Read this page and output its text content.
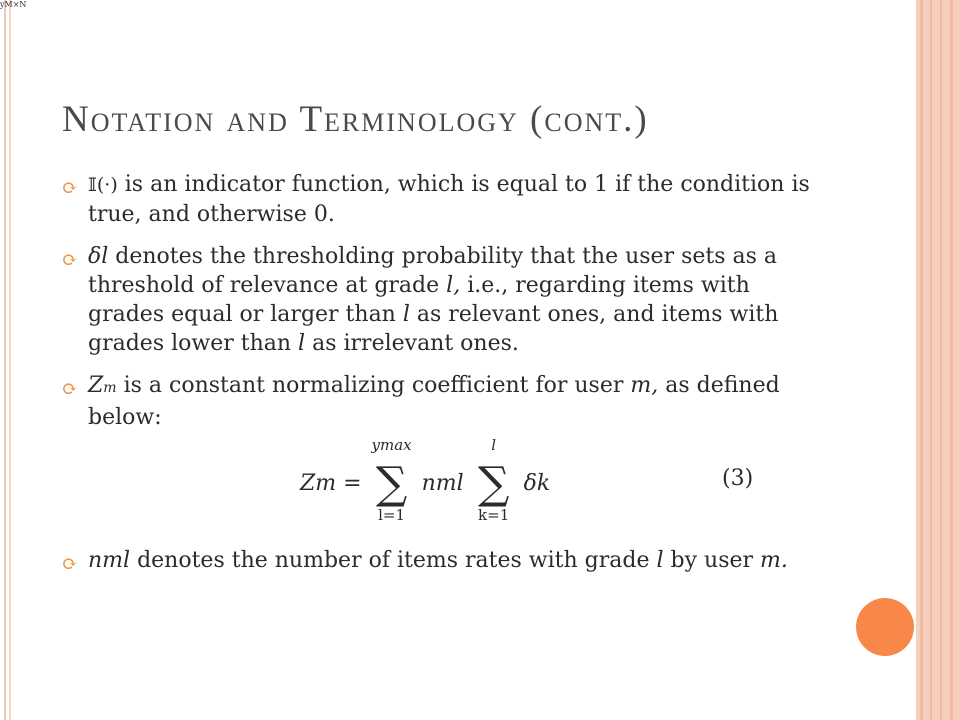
yM×N
Notation and Terminology (cont.)
⟳ 𝕀(·) is an indicator function, which is equal to 1 if the condition is true, and otherwise 0.
⟳ δl denotes the thresholding probability that the user sets as a threshold of relevance at grade l, i.e., regarding items with grades equal or larger than l as relevant ones, and items with grades lower than l as irrelevant ones.
⟳ Zm is a constant normalizing coefficient for user m, as defined below:
Zm =
ymax
∑
l=1
nml
l
∑
k=1
δk	(3)
⟳ nml denotes the number of items rates with grade l by user m.
